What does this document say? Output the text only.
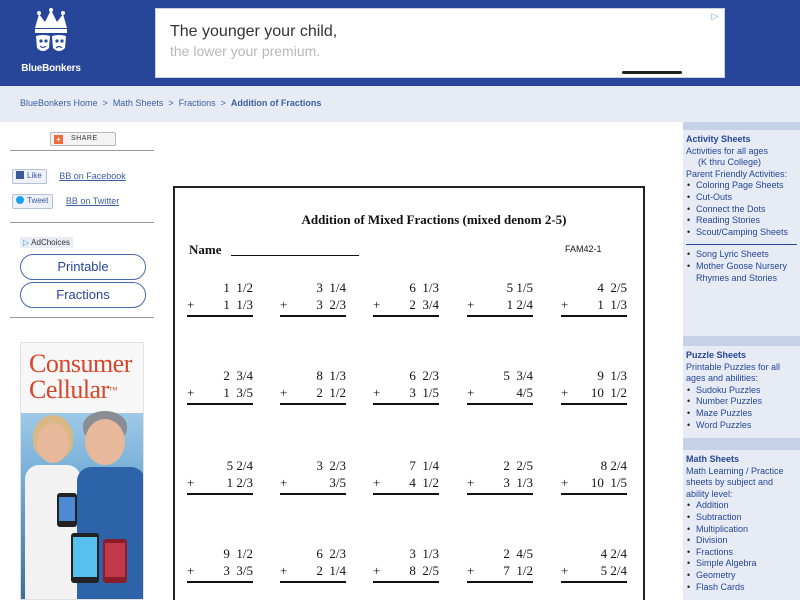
BlueBonkers
The younger your child,
the lower your premium.
▷
BlueBonkers Home > Math Sheets > Fractions > Addition of Fractions
+	SHARE
Like BB on Facebook
Tweet BB on Twitter
▷ AdChoices
Printable
Fractions
Consumer
Cellular™
Addition of Mixed Fractions (mixed denom 2-5)
Name	FAM42-1
1  1/2
+ 1  1/3
3  1/4
+ 3  2/3
6  1/3
+ 2  3/4
5 1/5
+ 1 2/4
4  2/5
+ 1  1/3
2  3/4
+ 1  3/5
8  1/3
+ 2  1/2
6  2/3
+ 3  1/5
5  3/4
+	4/5
9  1/3
+ 10  1/2
5 2/4
+ 1 2/3
3  2/3
+	3/5
7  1/4
+ 4  1/2
2  2/5
+ 3  1/3
8 2/4
+ 10  1/5
9  1/2
+ 3  3/5
6  2/3
+ 2  1/4
3  1/3
+ 8  2/5
2  4/5
+ 7  1/2
4 2/4
+ 5 2/4
Activity Sheets
Activities for all ages
(K thru College)
Parent Friendly Activities:
• Coloring Page Sheets
• Cut-Outs
• Connect the Dots
• Reading Stories
• Scout/Camping Sheets
• Song Lyric Sheets
• Mother Goose Nursery Rhymes and Stories
Puzzle Sheets
Printable Puzzles for all ages and abilities:
• Sudoku Puzzles
• Number Puzzles
• Maze Puzzles
• Word Puzzles
Math Sheets
Math Learning / Practice sheets by subject and ability level:
• Addition
• Subtraction
• Multiplication
• Division
• Fractions
• Simple Algebra
• Geometry
• Flash Cards
